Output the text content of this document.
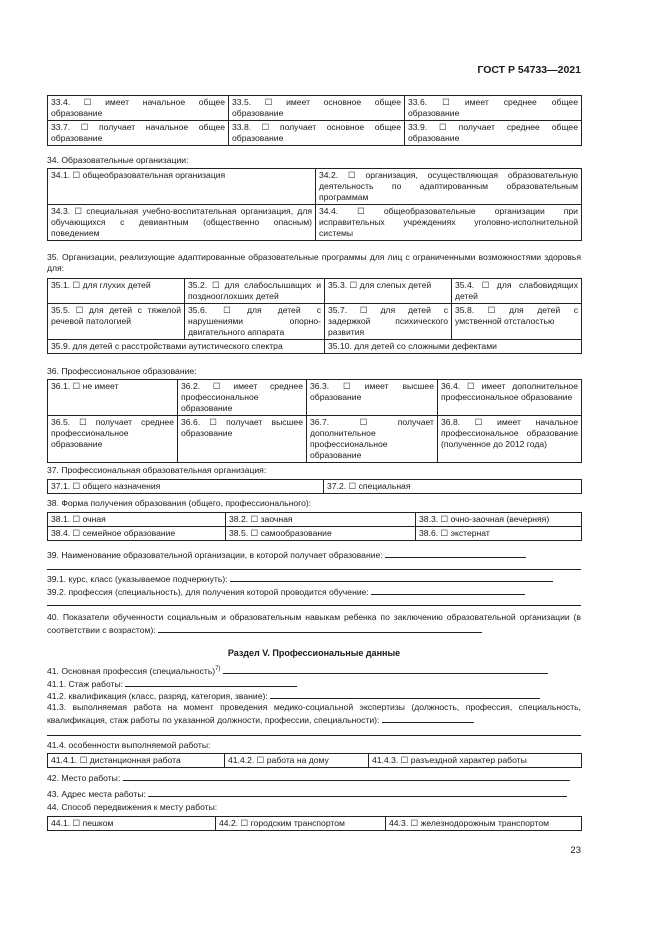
ГОСТ Р 54733—2021
33.4. ☐ имеет начальное общее образование	33.5. ☐ имеет основное общее образование	33.6. ☐ имеет среднее общее образование
33.7. ☐ получает начальное общее образование	33.8. ☐ получает основное общее образование	33.9. ☐ получает среднее общее образование
34. Образовательные организации:
34.1. ☐ общеобразовательная организация	34.2. ☐ организация, осуществляющая образовательную деятельность по адаптированным образовательным программам
34.3. ☐ специальная учебно-воспитательная организация, для обучающихся с девиантным (общественно опасным) поведением	34.4. ☐ общеобразовательные организации при исправительных учреждениях уголовно-исполнительной системы
35. Организации, реализующие адаптированные образовательные программы для лиц с ограниченными возможностями здоровья для:
35.1. ☐ для глухих детей	35.2. ☐ для слабослышащих и позднооглохших детей	35.3. ☐ для слепых детей	35.4. ☐ для слабовидящих детей
35.5. ☐ для детей с тяжелой речевой патологией	35.6. ☐ для детей с нарушениями опорно-двигательного аппарата	35.7. ☐ для детей с задержкой психического развития	35.8. ☐ для детей с умственной отсталостью
35.9. для детей с расстройствами аутистического спектра		35.10. для детей со сложными дефектами	
36. Профессиональное образование:
36.1. ☐ не имеет	36.2. ☐ имеет среднее профессиональное образование	36.3. ☐ имеет высшее образование	36.4. ☐ имеет дополнительное профессиональное образование
36.5. ☐ получает среднее профессиональное образование	36.6. ☐ получает высшее образование	36.7. ☐ получает дополнительное профессиональное образование	36.8. ☐ имеет начальное профессиональное образование (полученное до 2012 года)
37. Профессиональная образовательная организация:
37.1. ☐ общего назначения	37.2. ☐ специальная
38. Форма получения образования (общего, профессионального):
38.1. ☐ очная	38.2. ☐ заочная	38.3. ☐ очно-заочная (вечерняя)
38.4. ☐ семейное образование	38.5. ☐ самообразование	38.6. ☐ экстернат
39. Наименование образовательной организации, в которой получает образование:
39.1. курс, класс (указываемое подчеркнуть):
39.2. профессия (специальность), для получения которой проводится обучение:
40. Показатели обученности социальным и образовательным навыкам ребенка по заключению образовательной организации (в соответствии с возрастом):
Раздел V. Профессиональные данные
41. Основная профессия (специальность)$^{7)}$
41.1. Стаж работы:
41.2. квалификация (класс, разряд, категория, звание):
41.3. выполняемая работа на момент проведения медико-социальной экспертизы (должность, профессия, специальность, квалификация, стаж работы по указанной должности, профессии, специальности):
41.4. особенности выполняемой работы:
41.4.1. ☐ дистанционная работа	41.4.2. ☐ работа на дому	41.4.3. ☐ разъездной характер работы
42. Место работы:
43. Адрес места работы:
44. Способ передвижения к месту работы:
44.1. ☐ пешком	44.2. ☐ городским транспортом	44.3. ☐ железнодорожным транспортом
23
